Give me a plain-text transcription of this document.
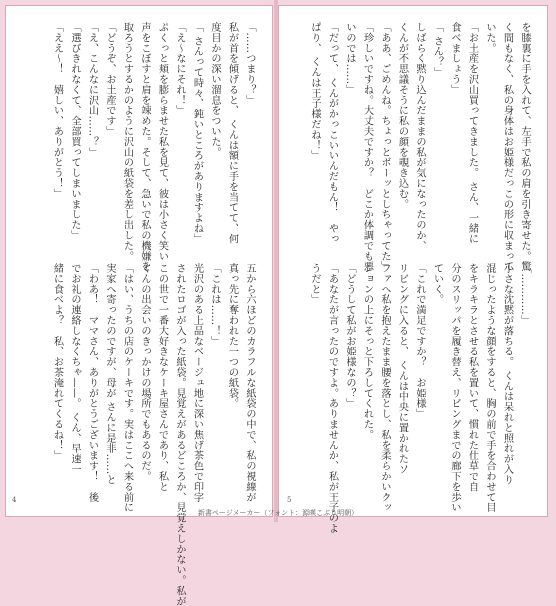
「……つまり？」
私が首を傾げると、 くんは額に手を当てて、何
度目かの深い溜息をついた。
「 さんって時々、鈍いところがありますよね」
「え〜なにそれ！」
ぷくっと頬を膨らませた私を見て、彼は小さく笑い
声をこぼすと肩を竦めた。そして、急いで私の機嫌を
取ろうとするかのように沢山の紙袋を差し出した。
「どうぞ、お土産です」
「え、こんなに沢山……？」
「選びきれなくて、全部買ってしまいました」
「ええ〜！　嬉しい、ありがとう！」
五から六ほどのカラフルな紙袋の中で、私の視線が
真っ先に奪われた一つの紙袋。
「これは……！」
光沢のある上品なベージュ地に深い焦げ茶色で印字
されたロゴが入った紙袋。見覚えがあるどころか、見覚えしかない。私が
この世で一番大好きなケーキ屋さんであり、私と
くんの出会いのきっかけの場所でもあるのだ。
「はい、うちの店のケーキです。実はここへ来る前に
実家へ寄ったのですが、母が さんに是非……と
「わあ！　ママさん、ありがとうございます！　後
でお礼の連絡しなくちゃ——。 くん、早速一
緒に食べよ？　私、お茶淹れてくるね！」
4
を膝裏に手を入れて、左手で私の肩を引き寄せた。驚
く間もなく、私の身体はお姫様だっこの形に収まって
いた。
「お土産を沢山買ってきました。 さん、一緒に
食べましょう」
「 さん？」
しばらく黙り込んだままの私が気になったのか、
くんが不思議そうに私の顔を覗き込む。
「ああ、ごめんね。ちょっとボーッとしちゃってた」
「珍しいですね。大丈夫ですか？　どこか体調でも悪
いのでは……」
「だって、 くんがかっこいいんだもん！　やっ
ぱり、 くんは王子様だね！」
「…………」
小さな沈黙が落ちる。 くんは呆れと照れが入り
混じったような顔をすると、胸の前で手を合わせて目
をキラキラとさせる私を置いて、慣れた仕草で自
分のスリッパを履き替え、リビングまでの廊下を歩い
ていく。
「これで満足ですか？　お姫様」
リビングに入ると、 くんは中央に置かれたソ
ファへ私を抱えたまま腰を落とし、私を柔らかいクッ
ションの上にそっと下ろしてくれた。
「どうして私がお姫様なの？」
「あなたが言ったのですよ。ありませんか、私が王子のよ
うだと」
5
新書ページメーカー（フォント：源暎こぶり明朝）
